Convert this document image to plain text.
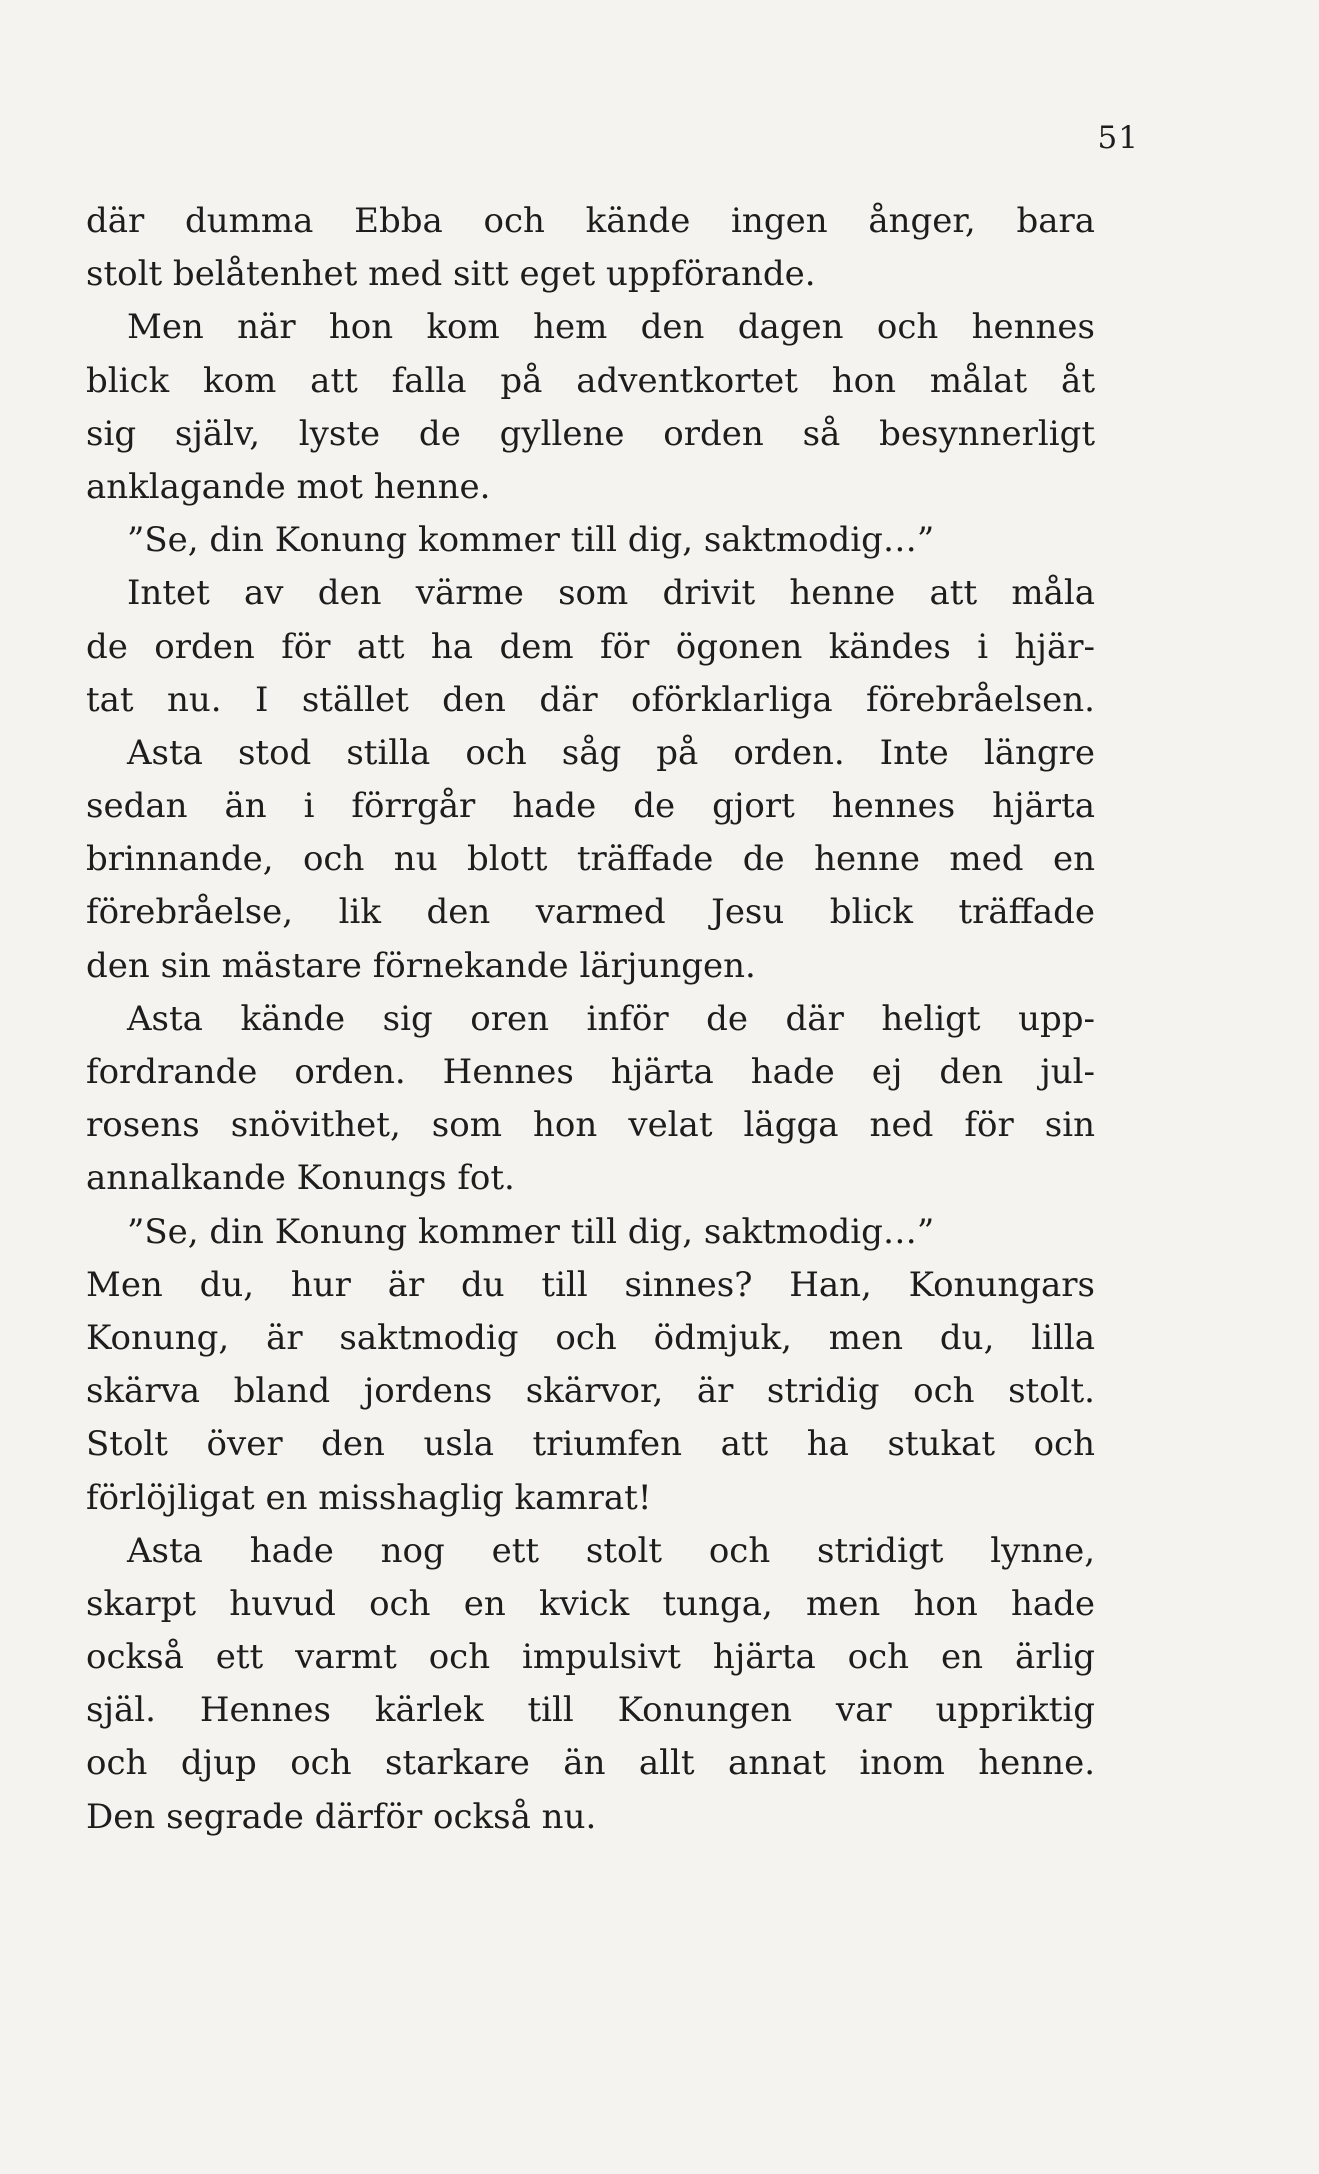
51
där dumma Ebba och kände ingen ånger, bara
stolt belåtenhet med sitt eget uppförande.
Men när hon kom hem den dagen och hennes
blick kom att falla på adventkortet hon målat åt
sig själv, lyste de gyllene orden så besynnerligt
anklagande mot henne.
”Se, din Konung kommer till dig, saktmodig…”
Intet av den värme som drivit henne att måla
de orden för att ha dem för ögonen kändes i hjär-
tat nu. I stället den där oförklarliga förebråelsen.
Asta stod stilla och såg på orden. Inte längre
sedan än i förrgår hade de gjort hennes hjärta
brinnande, och nu blott träffade de henne med en
förebråelse, lik den varmed Jesu blick träffade
den sin mästare förnekande lärjungen.
Asta kände sig oren inför de där heligt upp-
fordrande orden. Hennes hjärta hade ej den jul-
rosens snövithet, som hon velat lägga ned för sin
annalkande Konungs fot.
”Se, din Konung kommer till dig, saktmodig…”
Men du, hur är du till sinnes? Han, Konungars
Konung, är saktmodig och ödmjuk, men du, lilla
skärva bland jordens skärvor, är stridig och stolt.
Stolt över den usla triumfen att ha stukat och
förlöjligat en misshaglig kamrat!
Asta hade nog ett stolt och stridigt lynne,
skarpt huvud och en kvick tunga, men hon hade
också ett varmt och impulsivt hjärta och en ärlig
själ. Hennes kärlek till Konungen var uppriktig
och djup och starkare än allt annat inom henne.
Den segrade därför också nu.
